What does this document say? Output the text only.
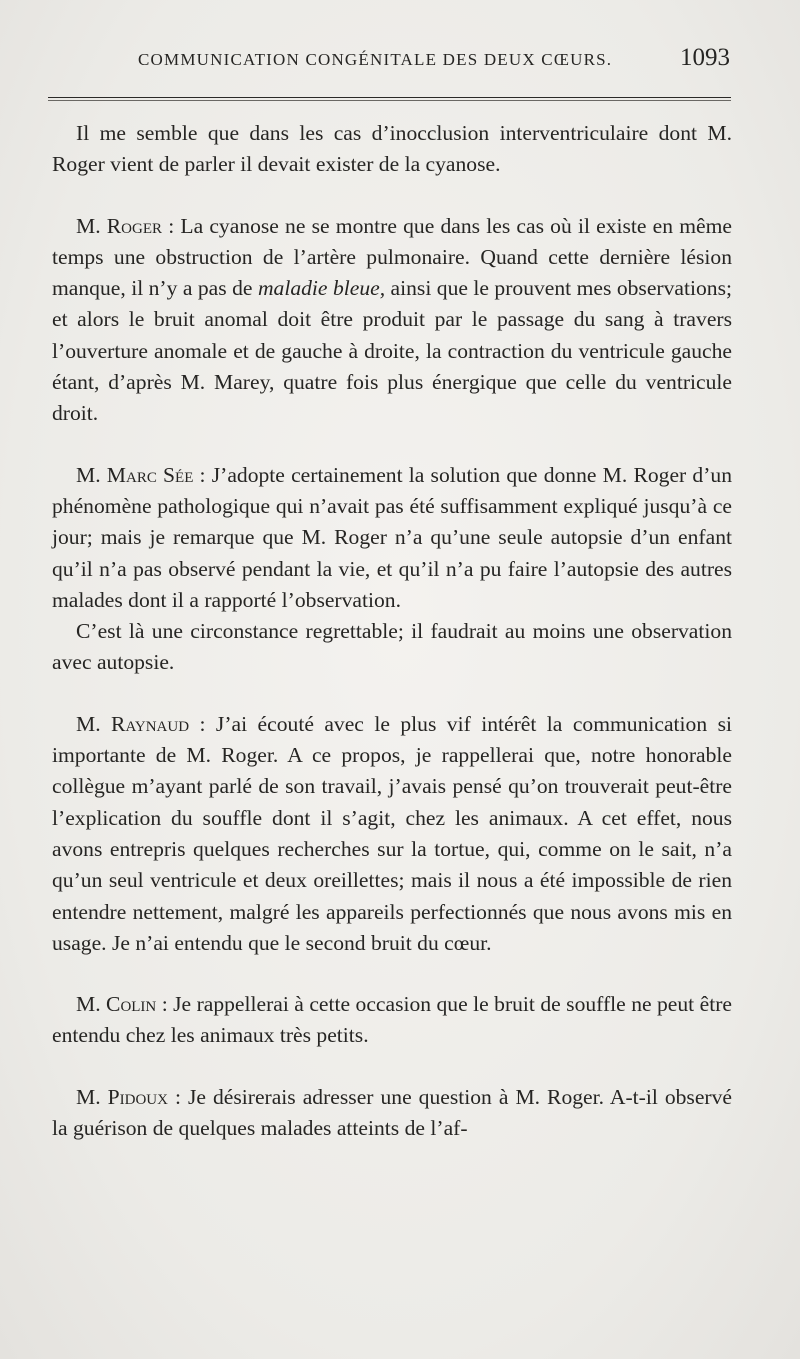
COMMUNICATION CONGÉNITALE DES DEUX CŒURS.	1093

Il me semble que dans les cas d’inocclusion interventriculaire dont M. Roger vient de parler il devait exister de la cyanose.

M. Roger : La cyanose ne se montre que dans les cas où il existe en même temps une obstruction de l’artère pulmonaire. Quand cette dernière lésion manque, il n’y a pas de maladie bleue, ainsi que le prouvent mes observations; et alors le bruit anomal doit être produit par le passage du sang à travers l’ouverture anomale et de gauche à droite, la contraction du ventricule gauche étant, d’après M. Marey, quatre fois plus énergique que celle du ventricule droit.

M. Marc Sée : J’adopte certainement la solution que donne M. Roger d’un phénomène pathologique qui n’avait pas été suffisamment expliqué jusqu’à ce jour; mais je remarque que M. Roger n’a qu’une seule autopsie d’un enfant qu’il n’a pas observé pendant la vie, et qu’il n’a pu faire l’autopsie des autres malades dont il a rapporté l’observation.

C’est là une circonstance regrettable; il faudrait au moins une observation avec autopsie.

M. Raynaud : J’ai écouté avec le plus vif intérêt la communication si importante de M. Roger. A ce propos, je rappellerai que, notre honorable collègue m’ayant parlé de son travail, j’avais pensé qu’on trouverait peut-être l’explication du souffle dont il s’agit, chez les animaux. A cet effet, nous avons entrepris quelques recherches sur la tortue, qui, comme on le sait, n’a qu’un seul ventricule et deux oreillettes; mais il nous a été impossible de rien entendre nettement, malgré les appareils perfectionnés que nous avons mis en usage. Je n’ai entendu que le second bruit du cœur.

M. Colin : Je rappellerai à cette occasion que le bruit de souffle ne peut être entendu chez les animaux très petits.

M. Pidoux : Je désirerais adresser une question à M. Roger. A-t-il observé la guérison de quelques malades atteints de l’af-
